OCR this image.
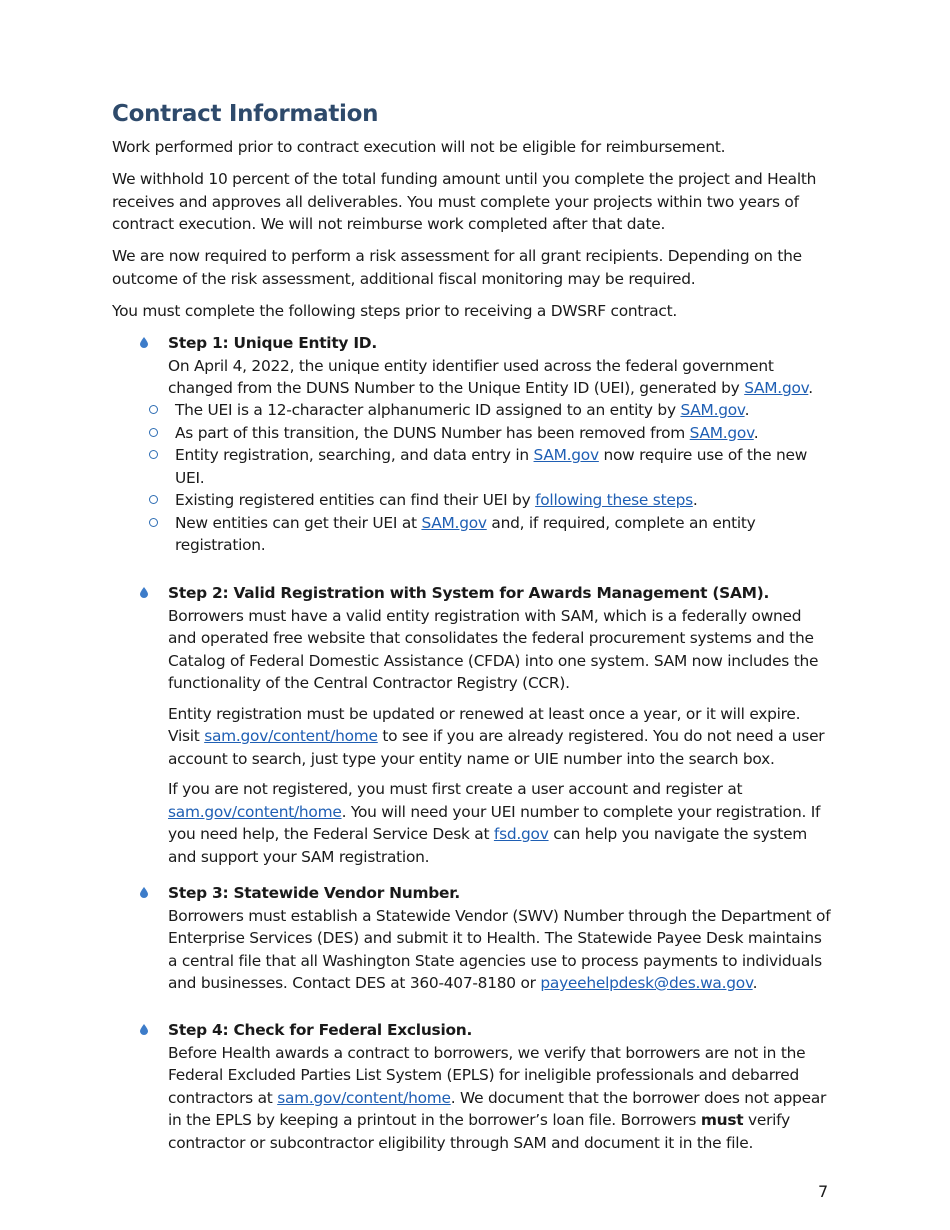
Contract Information

Work performed prior to contract execution will not be eligible for reimbursement.

We withhold 10 percent of the total funding amount until you complete the project and Health receives and approves all deliverables. You must complete your projects within two years of contract execution. We will not reimburse work completed after that date.

We are now required to perform a risk assessment for all grant recipients. Depending on the outcome of the risk assessment, additional fiscal monitoring may be required.

You must complete the following steps prior to receiving a DWSRF contract.

Step 1: Unique Entity ID.

On April 4, 2022, the unique entity identifier used across the federal government changed from the DUNS Number to the Unique Entity ID (UEI), generated by SAM.gov.

The UEI is a 12-character alphanumeric ID assigned to an entity by SAM.gov.
As part of this transition, the DUNS Number has been removed from SAM.gov.
Entity registration, searching, and data entry in SAM.gov now require use of the new UEI.
Existing registered entities can find their UEI by following these steps.
New entities can get their UEI at SAM.gov and, if required, complete an entity registration.

Step 2: Valid Registration with System for Awards Management (SAM).

Borrowers must have a valid entity registration with SAM, which is a federally owned and operated free website that consolidates the federal procurement systems and the Catalog of Federal Domestic Assistance (CFDA) into one system. SAM now includes the functionality of the Central Contractor Registry (CCR).

Entity registration must be updated or renewed at least once a year, or it will expire. Visit sam.gov/content/home to see if you are already registered. You do not need a user account to search, just type your entity name or UIE number into the search box.

If you are not registered, you must first create a user account and register at sam.gov/content/home. You will need your UEI number to complete your registration. If you need help, the Federal Service Desk at fsd.gov can help you navigate the system and support your SAM registration.

Step 3: Statewide Vendor Number.

Borrowers must establish a Statewide Vendor (SWV) Number through the Department of Enterprise Services (DES) and submit it to Health. The Statewide Payee Desk maintains a central file that all Washington State agencies use to process payments to individuals and businesses. Contact DES at 360-407-8180 or payeehelpdesk@des.wa.gov.

Step 4: Check for Federal Exclusion.

Before Health awards a contract to borrowers, we verify that borrowers are not in the Federal Excluded Parties List System (EPLS) for ineligible professionals and debarred contractors at sam.gov/content/home. We document that the borrower does not appear in the EPLS by keeping a printout in the borrower’s loan file. Borrowers must verify contractor or subcontractor eligibility through SAM and document it in the file.

7
